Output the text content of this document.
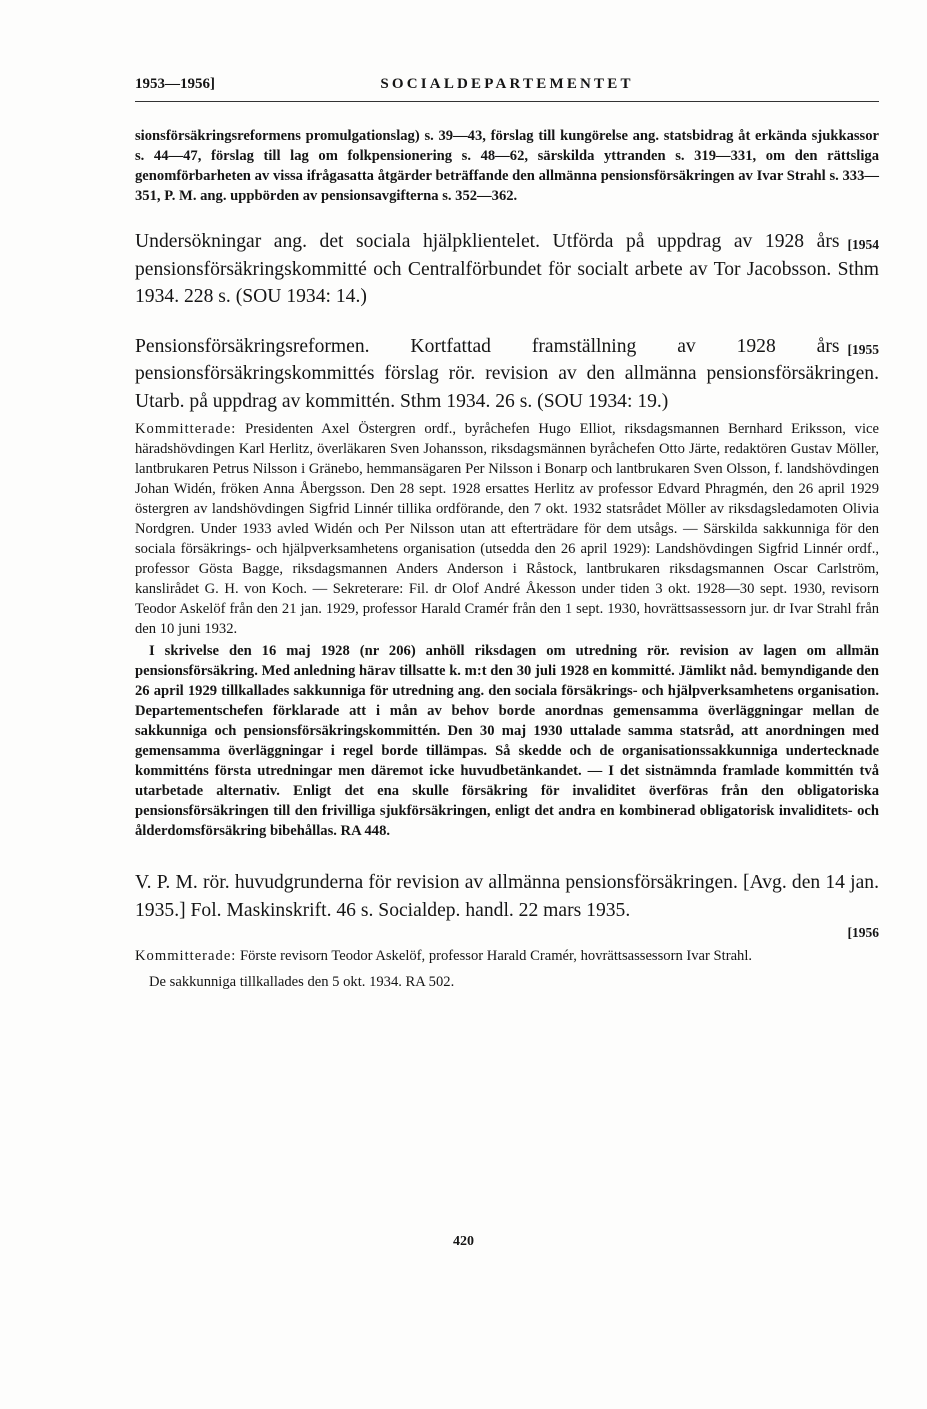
1953—1956]	SOCIALDEPARTEMENTET

sionsförsäkringsreformens promulgationslag) s. 39—43, förslag till kungörelse ang. statsbidrag åt erkända sjukkassor s. 44—47, förslag till lag om folkpensionering s. 48—62, särskilda yttranden s. 319—331, om den rättsliga genomförbarheten av vissa ifrågasatta åtgärder beträffande den allmänna pensionsförsäkringen av Ivar Strahl s. 333—351, P. M. ang. uppbörden av pensionsavgifterna s. 352—362.

[1954
Undersökningar ang. det sociala hjälpklientelet. Utförda på uppdrag av 1928 års pensionsförsäkringskommitté och Centralförbundet för socialt arbete av Tor Jacobsson. Sthm 1934. 228 s. (SOU 1934: 14.)

[1955
Pensionsförsäkringsreformen. Kortfattad framställning av 1928 års pensionsförsäkringskommittés förslag rör. revision av den allmänna pensionsförsäkringen. Utarb. på uppdrag av kommittén. Sthm 1934. 26 s. (SOU 1934: 19.)

Kommitterade: Presidenten Axel Östergren ordf., byråchefen Hugo Elliot, riksdagsmannen Bernhard Eriksson, vice häradshövdingen Karl Herlitz, överläkaren Sven Johansson, riksdagsmännen byråchefen Otto Järte, redaktören Gustav Möller, lantbrukaren Petrus Nilsson i Gränebo, hemmansägaren Per Nilsson i Bonarp och lantbrukaren Sven Olsson, f. landshövdingen Johan Widén, fröken Anna Åbergsson. Den 28 sept. 1928 ersattes Herlitz av professor Edvard Phragmén, den 26 april 1929 östergren av landshövdingen Sigfrid Linnér tillika ordförande, den 7 okt. 1932 statsrådet Möller av riksdagsledamoten Olivia Nordgren. Under 1933 avled Widén och Per Nilsson utan att efterträdare för dem utsågs. — Särskilda sakkunniga för den sociala försäkrings- och hjälpverksamhetens organisation (utsedda den 26 april 1929): Landshövdingen Sigfrid Linnér ordf., professor Gösta Bagge, riksdagsmannen Anders Anderson i Råstock, lantbrukaren riksdagsmannen Oscar Carlström, kanslirådet G. H. von Koch. — Sekreterare: Fil. dr Olof André Åkesson under tiden 3 okt. 1928—30 sept. 1930, revisorn Teodor Askelöf från den 21 jan. 1929, professor Harald Cramér från den 1 sept. 1930, hovrättsassessorn jur. dr Ivar Strahl från den 10 juni 1932.

I skrivelse den 16 maj 1928 (nr 206) anhöll riksdagen om utredning rör. revision av lagen om allmän pensionsförsäkring. Med anledning härav tillsatte k. m:t den 30 juli 1928 en kommitté. Jämlikt nåd. bemyndigande den 26 april 1929 tillkallades sakkunniga för utredning ang. den sociala försäkrings- och hjälpverksamhetens organisation. Departementschefen förklarade att i mån av behov borde anordnas gemensamma överläggningar mellan de sakkunniga och pensionsförsäkringskommittén. Den 30 maj 1930 uttalade samma statsråd, att anordningen med gemensamma överläggningar i regel borde tillämpas. Så skedde och de organisationssakkunniga undertecknade kommitténs första utredningar men däremot icke huvudbetänkandet. — I det sistnämnda framlade kommittén två utarbetade alternativ. Enligt det ena skulle försäkring för invaliditet överföras från den obligatoriska pensionsförsäkringen till den frivilliga sjukförsäkringen, enligt det andra en kombinerad obligatorisk invaliditets- och ålderdomsförsäkring bibehållas. RA 448.

V. P. M. rör. huvudgrunderna för revision av allmänna pensionsförsäkringen. [Avg. den 14 jan. 1935.] Fol. Maskinskrift. 46 s. Socialdep. handl. 22 mars 1935.

[1956

Kommitterade: Förste revisorn Teodor Askelöf, professor Harald Cramér, hovrättsassessorn Ivar Strahl.

De sakkunniga tillkallades den 5 okt. 1934. RA 502.

420
